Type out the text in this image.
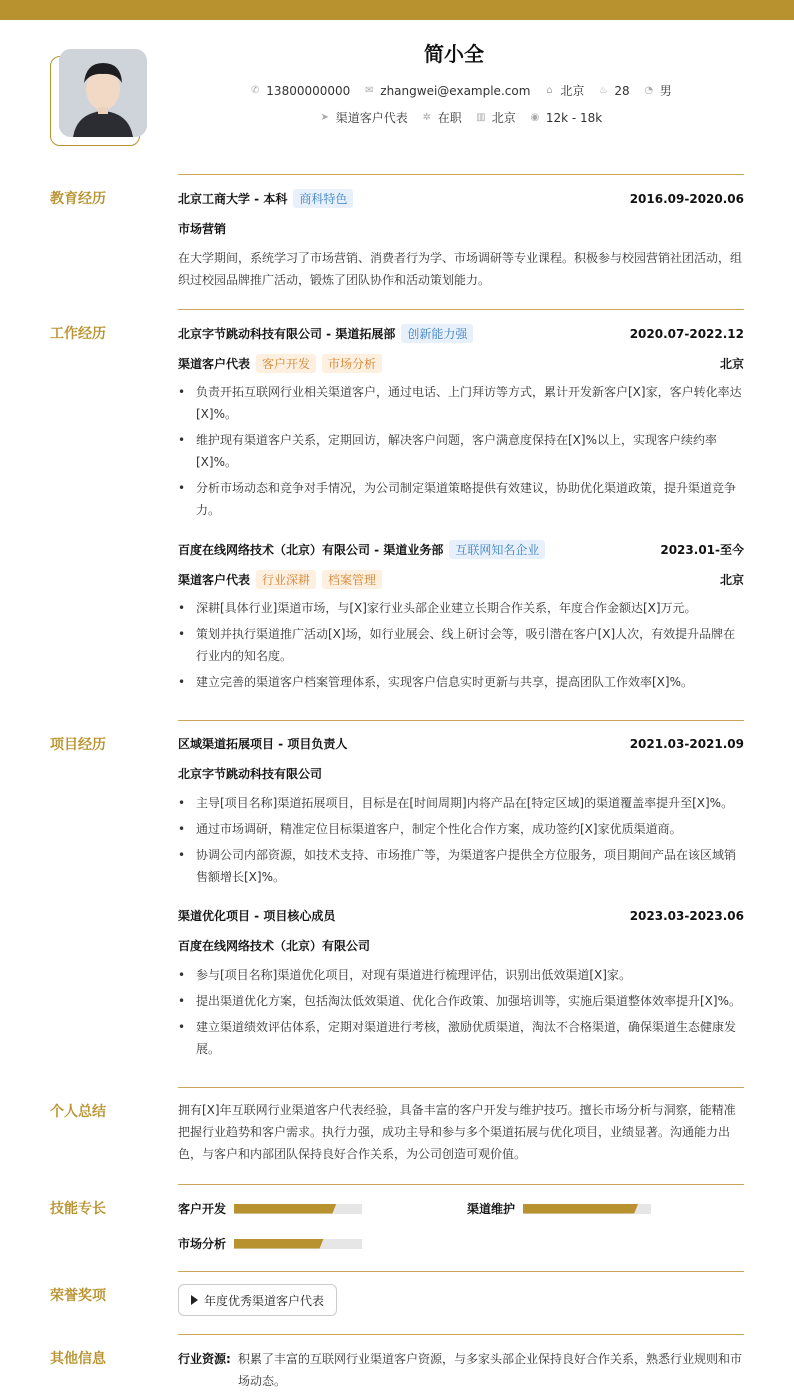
简小全
✆ 13800000000 ✉ zhangwei@example.com ⌂ 北京 ♨ 28 ◔ 男
➤ 渠道客户代表 ✲ 在职 ▥ 北京 ◉ 12k - 18k
教育经历	北京工商大学 - 本科 商科特色	2016.09-2020.06
市场营销
在大学期间，系统学习了市场营销、消费者行为学、市场调研等专业课程。积极参与校园营销社团活动，组织过校园品牌推广活动，锻炼了团队协作和活动策划能力。
工作经历	北京字节跳动科技有限公司 - 渠道拓展部 创新能力强	2020.07-2022.12
渠道客户代表 客户开发 市场分析	北京
• 负责开拓互联网行业相关渠道客户，通过电话、上门拜访等方式，累计开发新客户[X]家，客户转化率达[X]%。
• 维护现有渠道客户关系，定期回访，解决客户问题，客户满意度保持在[X]%以上，实现客户续约率[X]%。
• 分析市场动态和竞争对手情况，为公司制定渠道策略提供有效建议，协助优化渠道政策，提升渠道竞争力。
百度在线网络技术（北京）有限公司 - 渠道业务部 互联网知名企业	2023.01-至今
渠道客户代表 行业深耕 档案管理	北京
• 深耕[具体行业]渠道市场，与[X]家行业头部企业建立长期合作关系，年度合作金额达[X]万元。
• 策划并执行渠道推广活动[X]场，如行业展会、线上研讨会等，吸引潜在客户[X]人次，有效提升品牌在行业内的知名度。
• 建立完善的渠道客户档案管理体系，实现客户信息实时更新与共享，提高团队工作效率[X]%。
项目经历	区域渠道拓展项目 - 项目负责人	2021.03-2021.09
北京字节跳动科技有限公司
• 主导[项目名称]渠道拓展项目，目标是在[时间周期]内将产品在[特定区域]的渠道覆盖率提升至[X]%。
• 通过市场调研，精准定位目标渠道客户，制定个性化合作方案，成功签约[X]家优质渠道商。
• 协调公司内部资源，如技术支持、市场推广等，为渠道客户提供全方位服务，项目期间产品在该区域销售额增长[X]%。
渠道优化项目 - 项目核心成员	2023.03-2023.06
百度在线网络技术（北京）有限公司
• 参与[项目名称]渠道优化项目，对现有渠道进行梳理评估，识别出低效渠道[X]家。
• 提出渠道优化方案，包括淘汰低效渠道、优化合作政策、加强培训等，实施后渠道整体效率提升[X]%。
• 建立渠道绩效评估体系，定期对渠道进行考核，激励优质渠道，淘汰不合格渠道，确保渠道生态健康发展。
个人总结	拥有[X]年互联网行业渠道客户代表经验，具备丰富的客户开发与维护技巧。擅长市场分析与洞察，能精准把握行业趋势和客户需求。执行力强，成功主导和参与多个渠道拓展与优化项目，业绩显著。沟通能力出色，与客户和内部团队保持良好合作关系，为公司创造可观价值。
技能专长	客户开发	渠道维护
市场分析
荣誉奖项	年度优秀渠道客户代表
其他信息	行业资源: 积累了丰富的互联网行业渠道客户资源，与多家头部企业保持良好合作关系，熟悉行业规则和市场动态。
